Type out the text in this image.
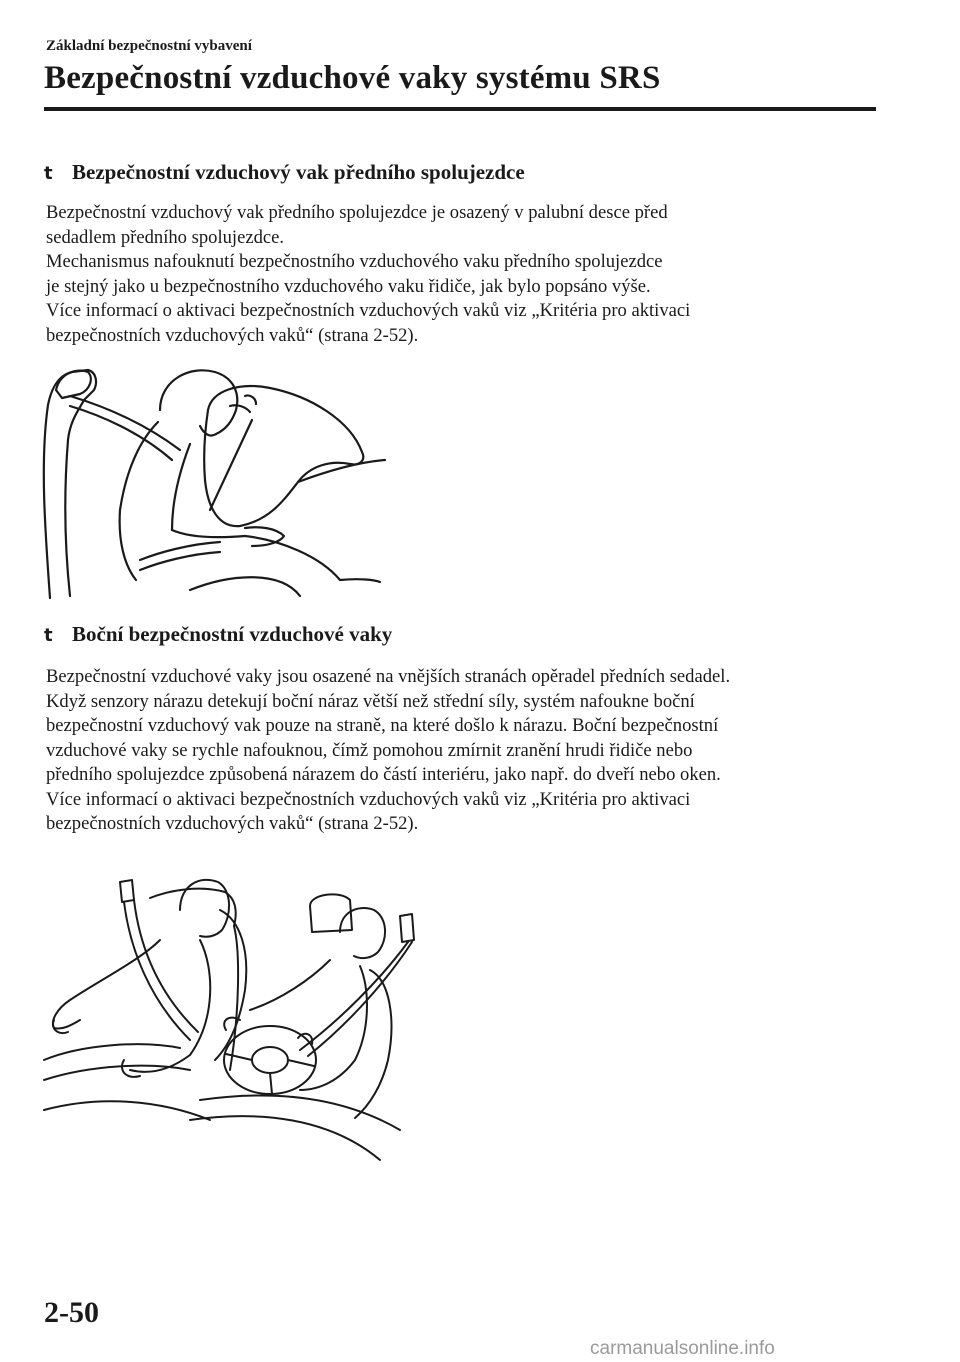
Základní bezpečnostní vybavení
Bezpečnostní vzduchové vaky systému SRS
t Bezpečnostní vzduchový vak předního spolujezdce
Bezpečnostní vzduchový vak předního spolujezdce je osazený v palubní desce před
sedadlem předního spolujezdce.
Mechanismus nafouknutí bezpečnostního vzduchového vaku předního spolujezdce
je stejný jako u bezpečnostního vzduchového vaku řidiče, jak bylo popsáno výše.
Více informací o aktivaci bezpečnostních vzduchových vaků viz „Kritéria pro aktivaci
bezpečnostních vzduchových vaků“ (strana 2-52).
t Boční bezpečnostní vzduchové vaky
Bezpečnostní vzduchové vaky jsou osazené na vnějších stranách opěradel předních sedadel.
Když senzory nárazu detekují boční náraz větší než střední síly, systém nafoukne boční
bezpečnostní vzduchový vak pouze na straně, na které došlo k nárazu. Boční bezpečnostní
vzduchové vaky se rychle nafouknou, čímž pomohou zmírnit zranění hrudi řidiče nebo
předního spolujezdce způsobená nárazem do částí interiéru, jako např. do dveří nebo oken.
Více informací o aktivaci bezpečnostních vzduchových vaků viz „Kritéria pro aktivaci
bezpečnostních vzduchových vaků“ (strana 2-52).
2-50
carmanualsonline.info
